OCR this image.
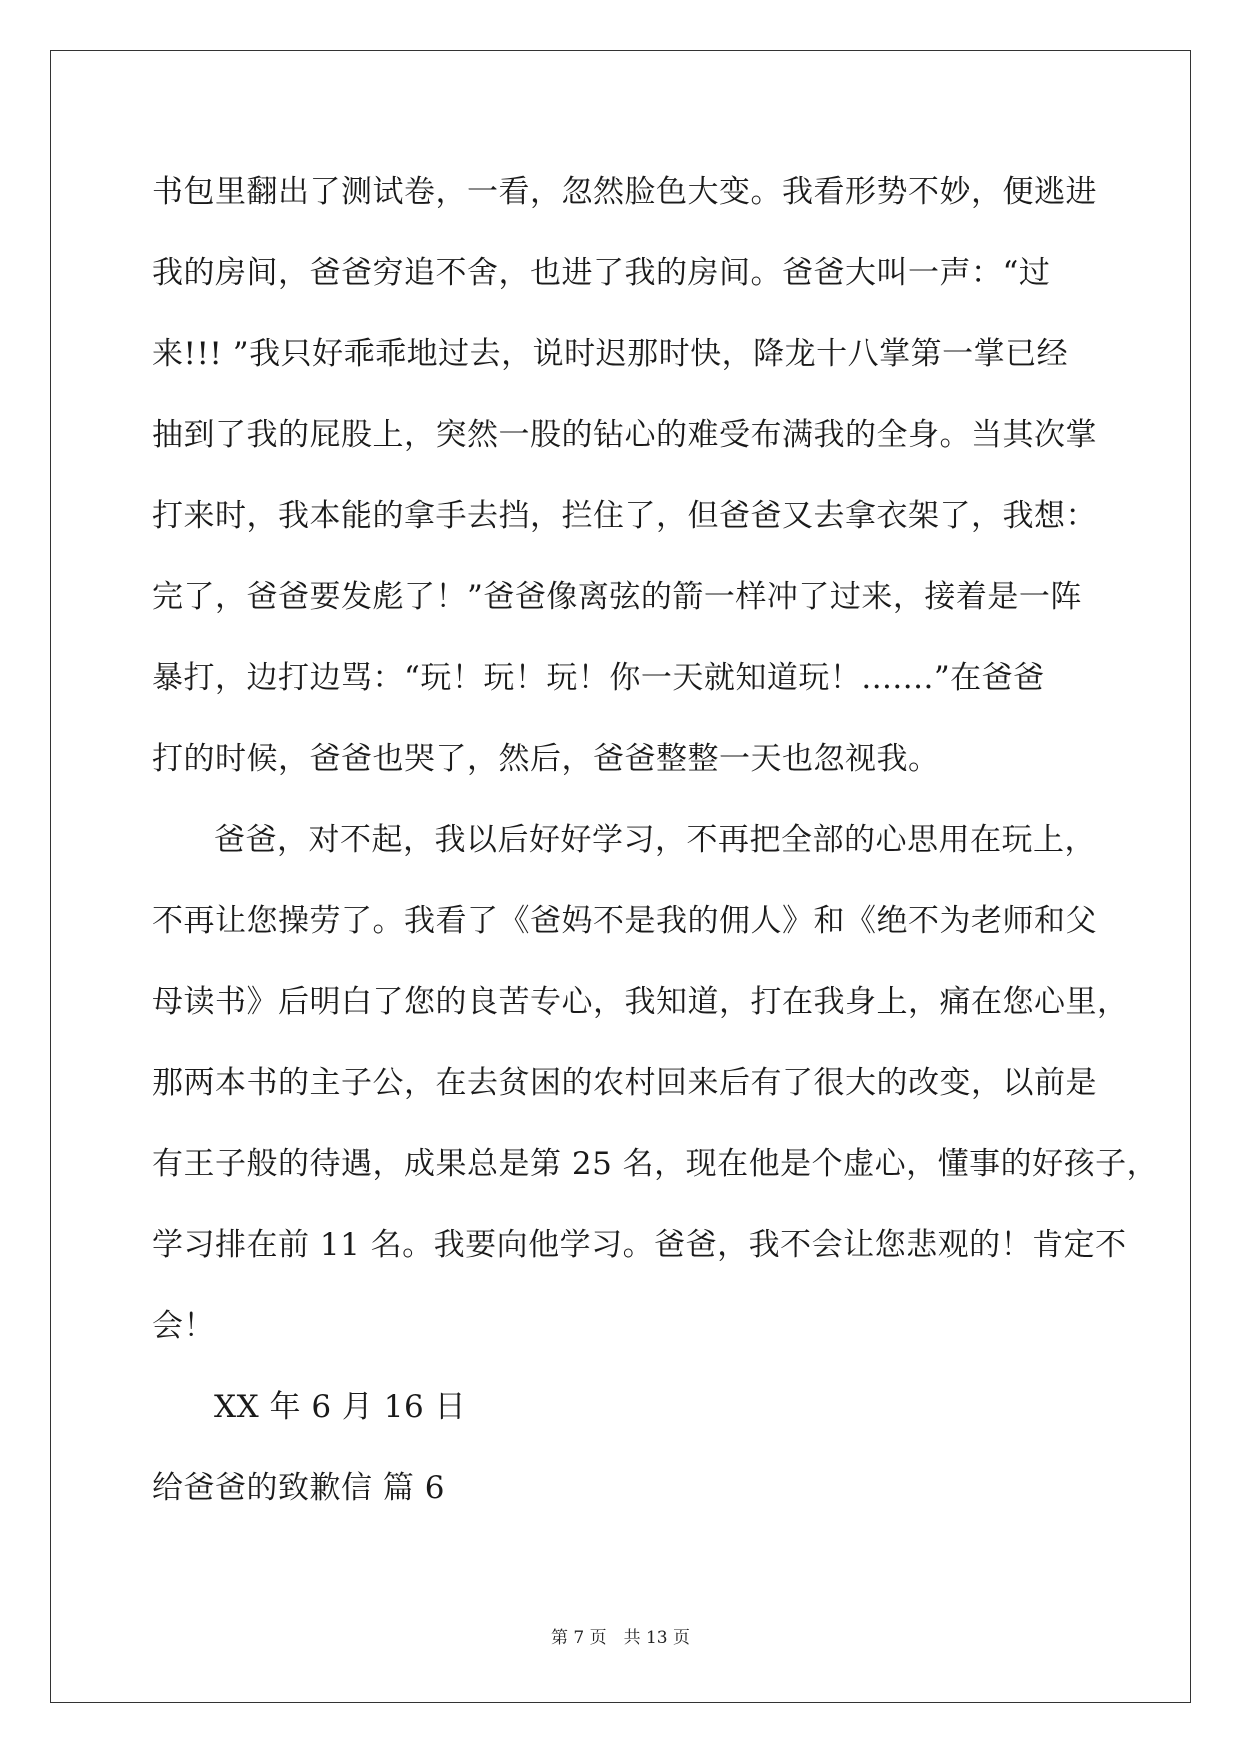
书包里翻出了测试卷，一看，忽然脸色大变。我看形势不妙，便逃进
我的房间，爸爸穷追不舍，也进了我的房间。爸爸大叫一声：“过
来!!! ”我只好乖乖地过去，说时迟那时快，降龙十八掌第一掌已经
抽到了我的屁股上，突然一股的钻心的难受布满我的全身。当其次掌
打来时，我本能的拿手去挡，拦住了，但爸爸又去拿衣架了，我想：
完了，爸爸要发彪了！”爸爸像离弦的箭一样冲了过来，接着是一阵
暴打，边打边骂：“玩！玩！玩！你一天就知道玩！.......”在爸爸
打的时候，爸爸也哭了，然后，爸爸整整一天也忽视我。
爸爸，对不起，我以后好好学习，不再把全部的心思用在玩上，
不再让您操劳了。我看了《爸妈不是我的佣人》和《绝不为老师和父
母读书》后明白了您的良苦专心，我知道，打在我身上，痛在您心里，
那两本书的主子公，在去贫困的农村回来后有了很大的改变，以前是
有王子般的待遇，成果总是第 25 名，现在他是个虚心，懂事的好孩子，
学习排在前 11 名。我要向他学习。爸爸，我不会让您悲观的！肯定不
会！
XX 年 6 月 16 日
给爸爸的致歉信 篇 6
第 7 页　共 13 页
